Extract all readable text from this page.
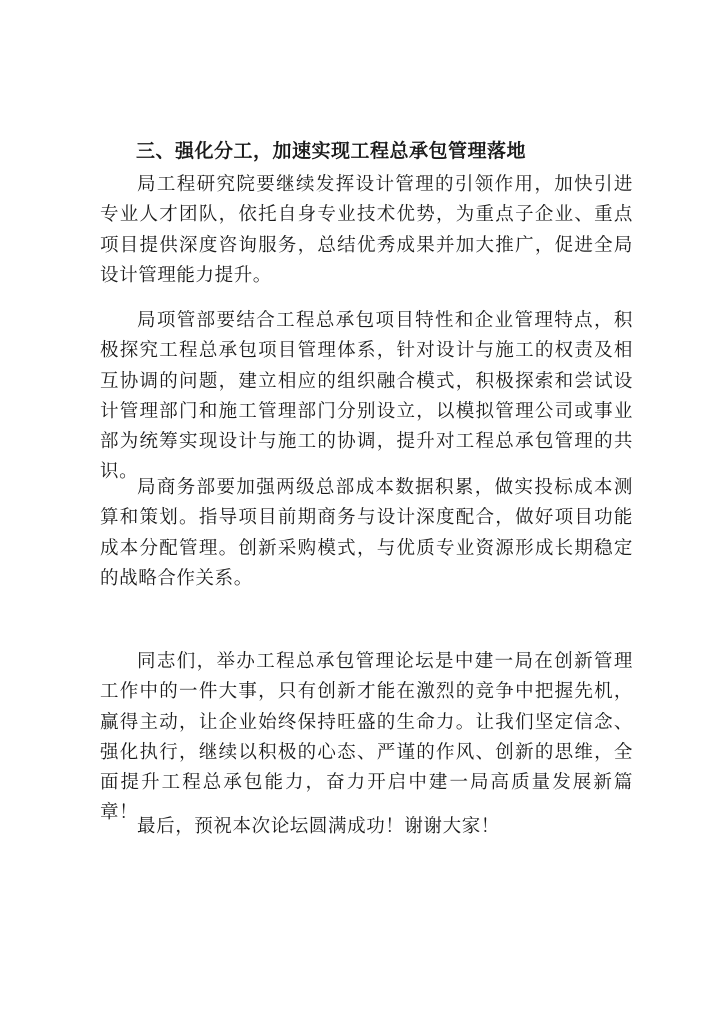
三、强化分工，加速实现工程总承包管理落地

局工程研究院要继续发挥设计管理的引领作用，加快引进专业人才团队，依托自身专业技术优势，为重点子企业、重点项目提供深度咨询服务，总结优秀成果并加大推广，促进全局设计管理能力提升。

局项管部要结合工程总承包项目特性和企业管理特点，积极探究工程总承包项目管理体系，针对设计与施工的权责及相互协调的问题，建立相应的组织融合模式，积极探索和尝试设计管理部门和施工管理部门分别设立，以模拟管理公司或事业部为统筹实现设计与施工的协调，提升对工程总承包管理的共识。

局商务部要加强两级总部成本数据积累，做实投标成本测算和策划。指导项目前期商务与设计深度配合，做好项目功能成本分配管理。创新采购模式，与优质专业资源形成长期稳定的战略合作关系。

同志们，举办工程总承包管理论坛是中建一局在创新管理工作中的一件大事，只有创新才能在激烈的竞争中把握先机，赢得主动，让企业始终保持旺盛的生命力。让我们坚定信念、强化执行，继续以积极的心态、严谨的作风、创新的思维，全面提升工程总承包能力，奋力开启中建一局高质量发展新篇章！

最后，预祝本次论坛圆满成功！谢谢大家！
